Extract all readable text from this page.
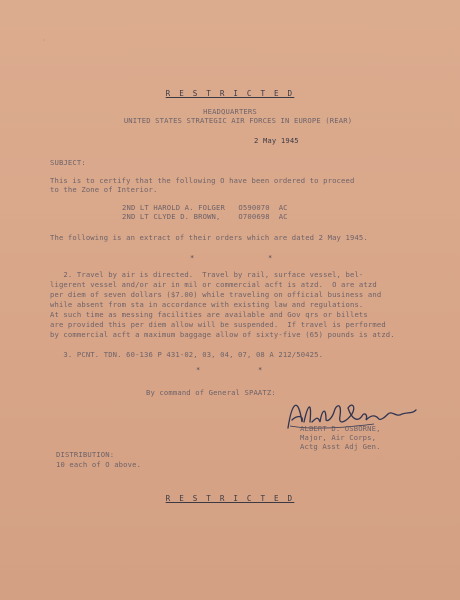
·
R E S T R I C T E D
HEADQUARTERS
UNITED STATES STRATEGIC AIR FORCES IN EUROPE (REAR)
2 May 1945
SUBJECT:
This is to certify that the following O have been ordered to proceed
to the Zone of Interior.
2ND LT HAROLD A. FOLGER   O590070  AC
2ND LT CLYDE D. BROWN,    O700698  AC
The following is an extract of their orders which are dated 2 May 1945.
*	*
2. Travel by air is directed.  Travel by rail, surface vessel, bel-
ligerent vessel and/or air in mil or commercial acft is atzd.  O are atzd
per diem of seven dollars ($7.00) while traveling on official business and
while absent from sta in accordance with existing law and regulations.
At such time as messing facilities are available and Gov qrs or billets
are provided this per diem allow will be suspended.  If travel is performed
by commercial acft a maximum baggage allow of sixty-five (65) pounds is atzd.
3. PCNT. TDN. 60-136 P 431-02, 03, 04, 07, 08 A 212/50425.
*	*
By command of General SPAATZ:
ALBERT D. OSBORNE,
Major, Air Corps,
Actg Asst Adj Gen.
DISTRIBUTION:
10 each of O above.
R E S T R I C T E D
